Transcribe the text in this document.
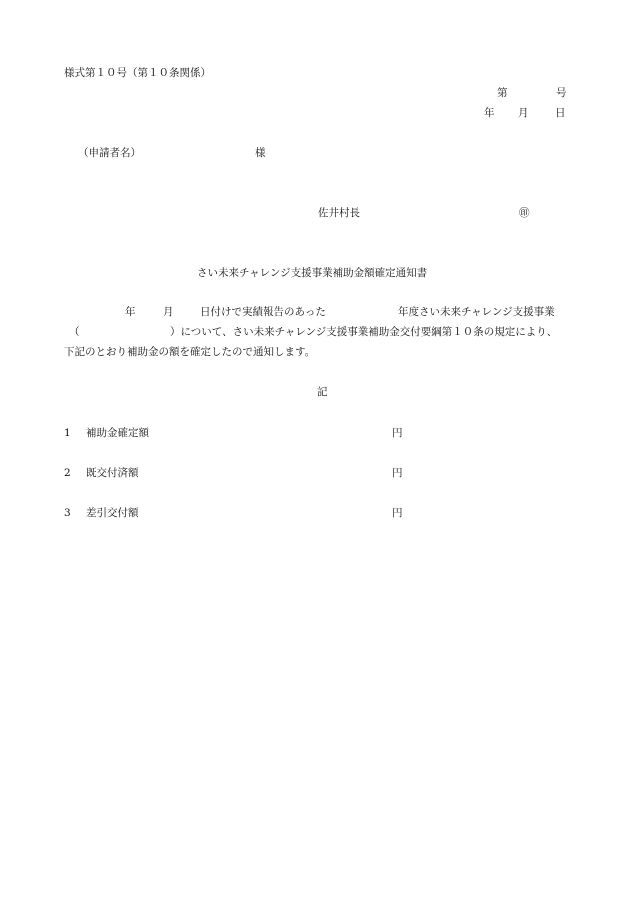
様式第１０号（第１０条関係）
第	号
年 月	日
（申請者名）	様
佐井村長	㊞
さい未来チャレンジ支援事業補助金額確定通知書
年	月	日付けで実績報告のあった	年度さい未来チャレンジ支援事業
（	）について、さい未来チャレンジ支援事業補助金交付要綱第１０条の規定により、
下記のとおり補助金の額を確定したので通知します。
記
1 補助金確定額	円
2 既交付済額	円
3 差引交付額	円
